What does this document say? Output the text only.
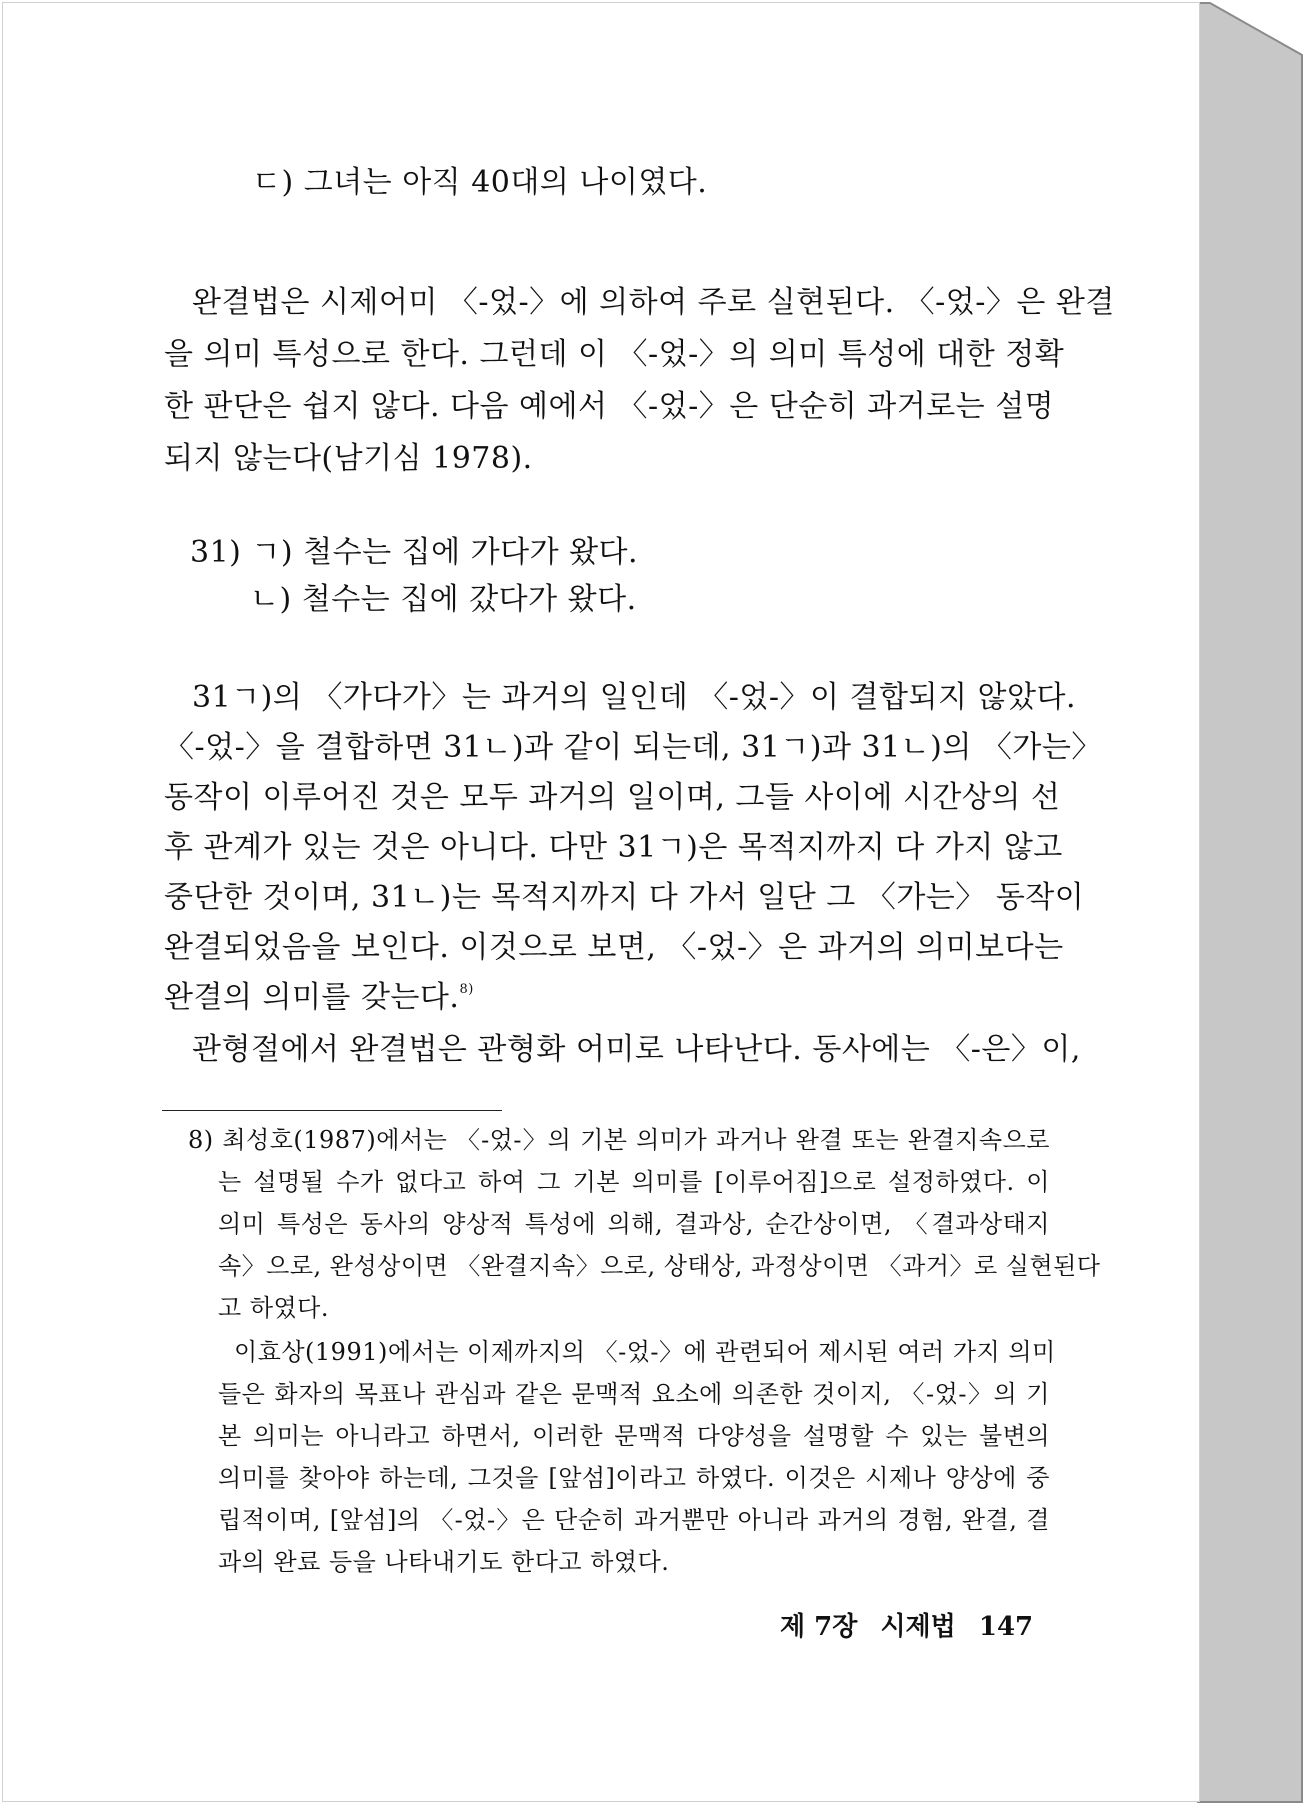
ㄷ) 그녀는 아직 40대의 나이였다.
완결법은 시제어미 〈-었-〉에 의하여 주로 실현된다. 〈-었-〉은 완결
을 의미 특성으로 한다. 그런데 이 〈-었-〉의 의미 특성에 대한 정확
한 판단은 쉽지 않다. 다음 예에서 〈-었-〉은 단순히 과거로는 설명
되지 않는다(남기심 1978).
31) ㄱ) 철수는 집에 가다가 왔다.
ㄴ) 철수는 집에 갔다가 왔다.
31ㄱ)의 〈가다가〉는 과거의 일인데 〈-었-〉이 결합되지 않았다.
〈-었-〉을 결합하면 31ㄴ)과 같이 되는데, 31ㄱ)과 31ㄴ)의 〈가는〉
동작이 이루어진 것은 모두 과거의 일이며, 그들 사이에 시간상의 선
후 관계가 있는 것은 아니다. 다만 31ㄱ)은 목적지까지 다 가지 않고
중단한 것이며, 31ㄴ)는 목적지까지 다 가서 일단 그 〈가는〉 동작이
완결되었음을 보인다. 이것으로 보면, 〈-었-〉은 과거의 의미보다는
완결의 의미를 갖는다.$^{8)}$
관형절에서 완결법은 관형화 어미로 나타난다. 동사에는 〈-은〉이,
8) 최성호(1987)에서는 〈-었-〉의 기본 의미가 과거나 완결 또는 완결지속으로
는 설명될 수가 없다고 하여 그 기본 의미를 [이루어짐]으로 설정하였다. 이
의미 특성은 동사의 양상적 특성에 의해, 결과상, 순간상이면, 〈결과상태지
속〉으로, 완성상이면 〈완결지속〉으로, 상태상, 과정상이면 〈과거〉로 실현된다
고 하였다.
이효상(1991)에서는 이제까지의 〈-었-〉에 관련되어 제시된 여러 가지 의미
들은 화자의 목표나 관심과 같은 문맥적 요소에 의존한 것이지, 〈-었-〉의 기
본 의미는 아니라고 하면서, 이러한 문맥적 다양성을 설명할 수 있는 불변의
의미를 찾아야 하는데, 그것을 [앞섬]이라고 하였다. 이것은 시제나 양상에 중
립적이며, [앞섬]의 〈-었-〉은 단순히 과거뿐만 아니라 과거의 경험, 완결, 결
과의 완료 등을 나타내기도 한다고 하였다.
제 7장 시제법 147
